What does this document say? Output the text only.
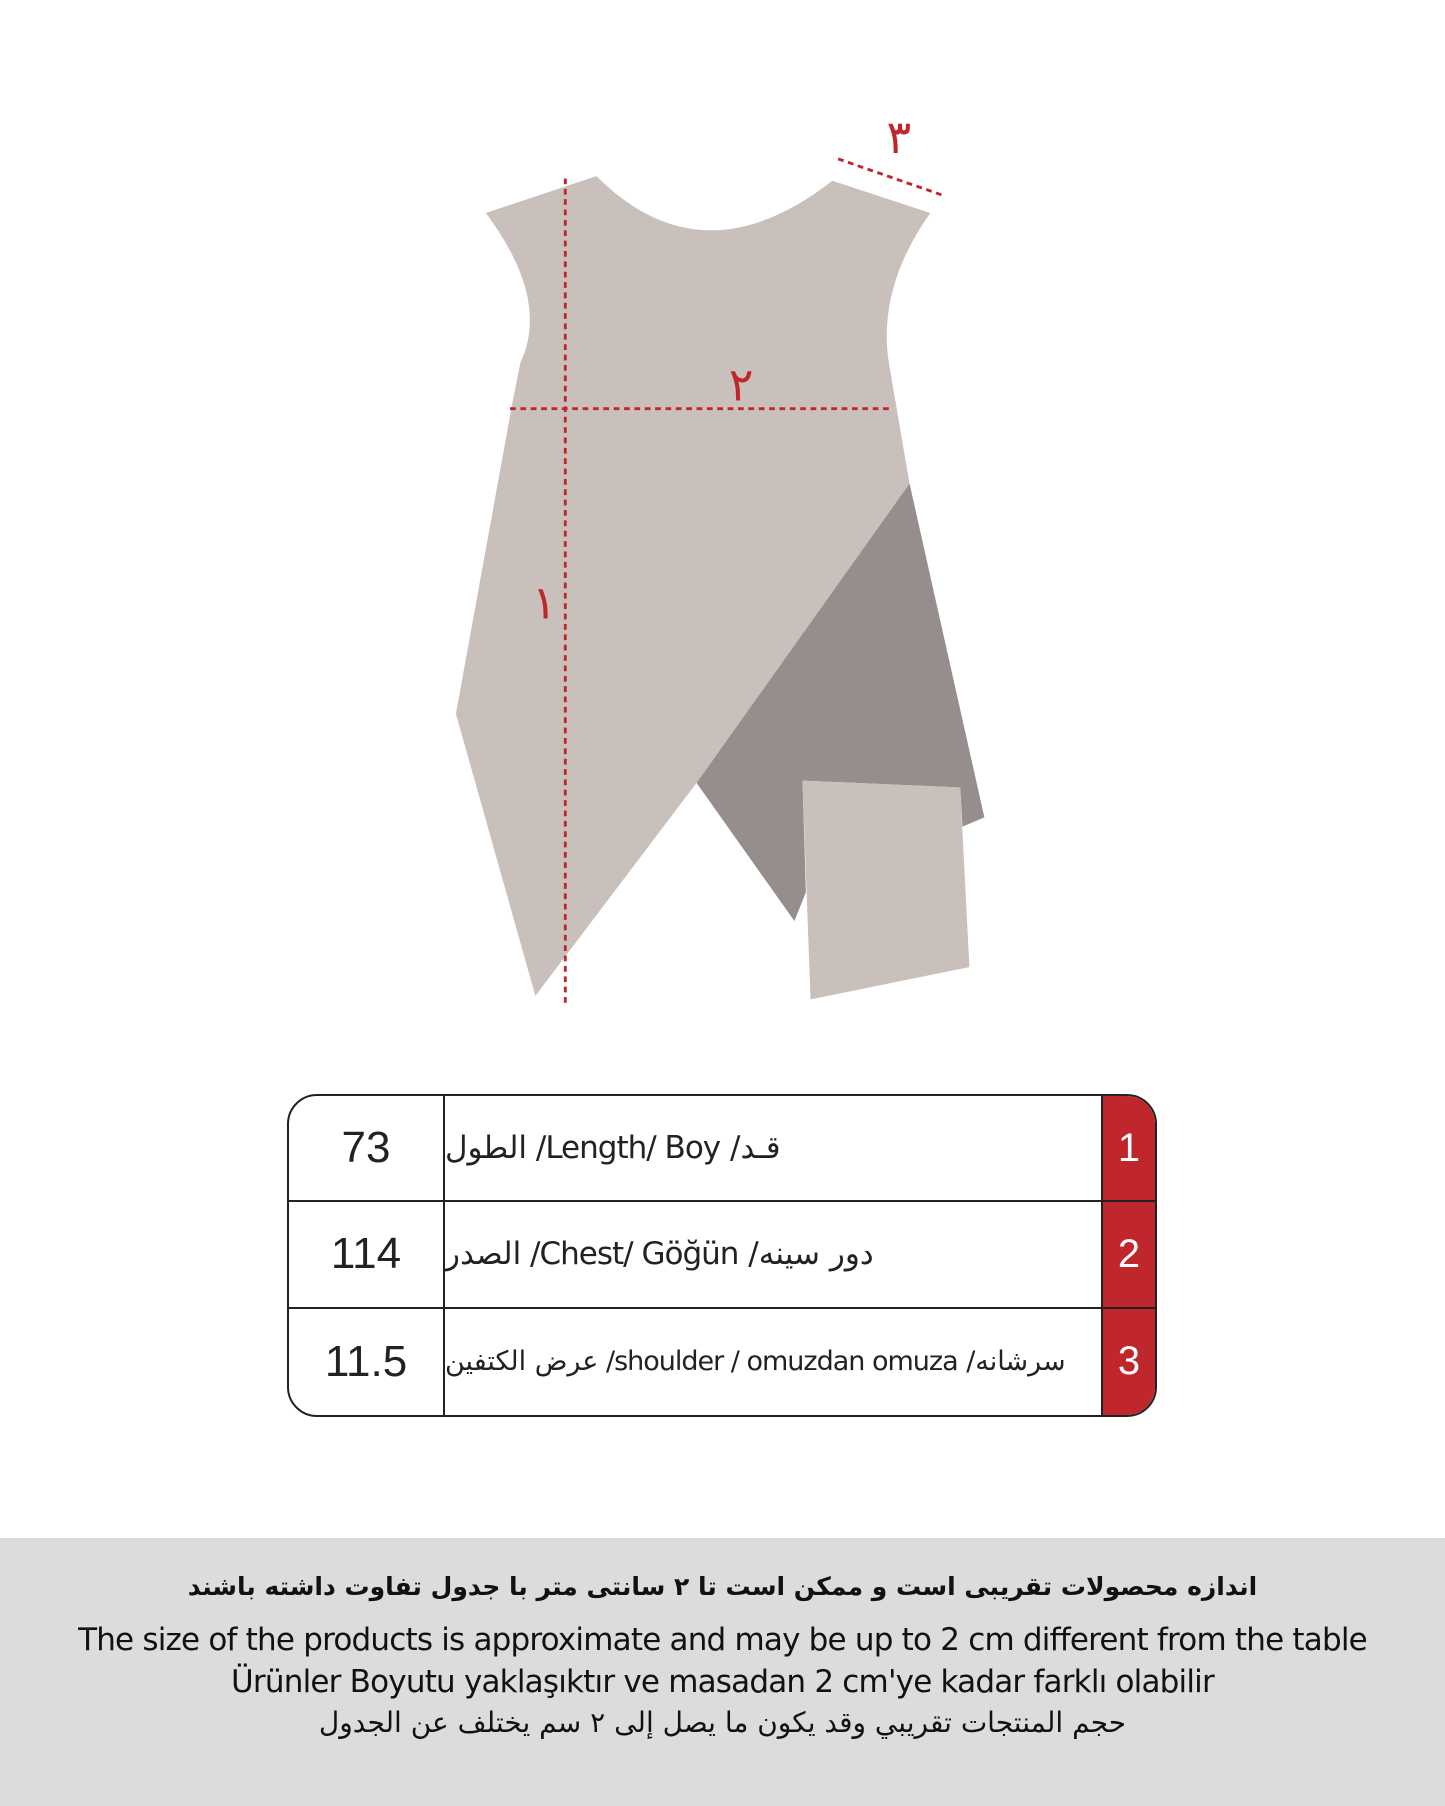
١
٢
٣
73	قـد/ Length/ Boy/ الطول	1
114	دور سینه/ Chest/ Göğün/ الصدر	2
11.5	سرشانه/ shoulder / omuzdan omuza/ عرض الكتفين	3
اندازه محصولات تقریبی است و ممکن است تا ۲ سانتی متر با جدول تفاوت داشته باشند
The size of the products is approximate and may be up to 2 cm different from the table
Ürünler Boyutu yaklaşıktır ve masadan 2 cm'ye kadar farklı olabilir
حجم المنتجات تقريبي وقد يكون ما يصل إلى ٢ سم يختلف عن الجدول
